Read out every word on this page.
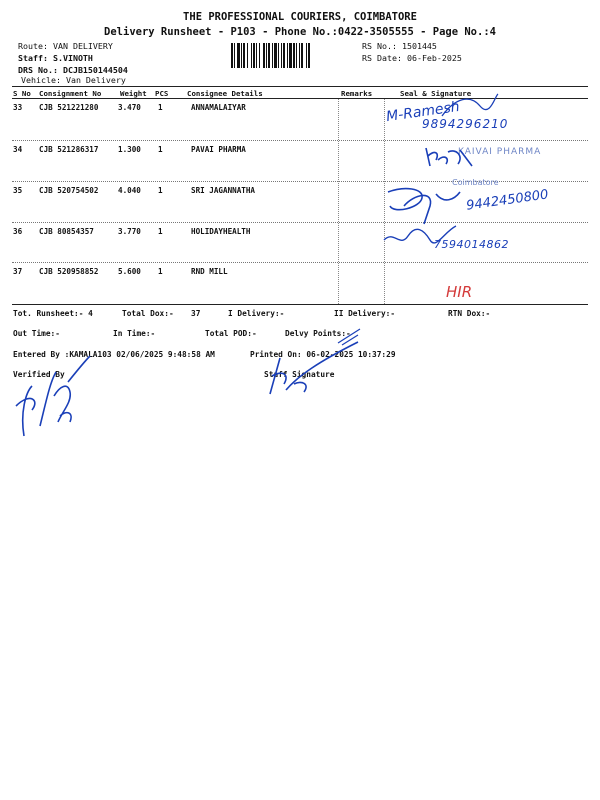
THE PROFESSIONAL COURIERS, COIMBATORE
Delivery Runsheet - P103 - Phone No.:0422-3505555 - Page No.:4
Route: VAN DELIVERY
Staff: S.VINOTH
DRS No.: DCJB150144504
Vehicle: Van Delivery
RS No.: 1501445
RS Date: 06-Feb-2025
S No Consignment No	Weight PCS	Consignee Details	Remarks	Seal & Signature
33 CJB 521221280	3.470 1	ANNAMALAIYAR
34 CJB 521286317	1.300 1	PAVAI PHARMA
35 CJB 520754502	4.040 1	SRI JAGANNATHA
36 CJB 80854357	3.770 1	HOLIDAYHEALTH
37 CJB 520958852	5.600 1	RND MILL
Tot. Runsheet:- 4	Total Dox:- 37	I Delivery:-	II Delivery:-	RTN Dox:-
Out Time:-	In Time:-	Total POD:-	Delvy Points:-
Entered By :KAMALA103 02/06/2025 9:48:58 AM	Printed On: 06-02-2025 10:37:29
Verified By	Staff Signature
M-Ramesh
9894296210
KAIVAI PHARMA
Coimbatore
9442450800
7594014862
HIR
